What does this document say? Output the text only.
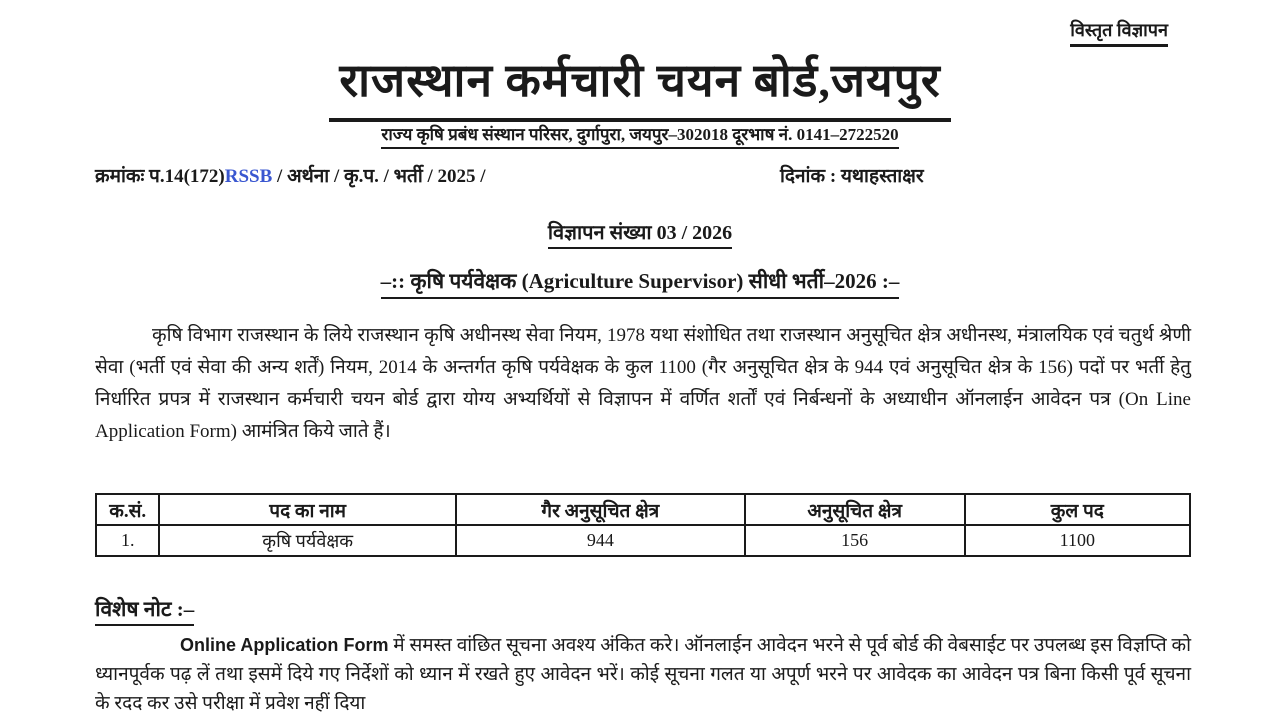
विस्तृत विज्ञापन
राजस्थान कर्मचारी चयन बोर्ड,जयपुर
राज्य कृषि प्रबंध संस्थान परिसर, दुर्गापुरा, जयपुर–302018 दूरभाष नं. 0141–2722520
क्रमांकः प.14(172)RSSB / अर्थना / कृ.प. / भर्ती / 2025 /	दिनांक : यथाहस्ताक्षर
विज्ञापन संख्या 03 / 2026
–:: कृषि पर्यवेक्षक (Agriculture Supervisor) सीधी भर्ती–2026 :–

कृषि विभाग राजस्थान के लिये राजस्थान कृषि अधीनस्थ सेवा नियम, 1978 यथा संशोधित तथा राजस्थान अनुसूचित क्षेत्र अधीनस्थ, मंत्रालयिक एवं चतुर्थ श्रेणी सेवा (भर्ती एवं सेवा की अन्य शर्तें) नियम, 2014 के अन्तर्गत कृषि पर्यवेक्षक के कुल 1100 (गैर अनुसूचित क्षेत्र के 944 एवं अनुसूचित क्षेत्र के 156) पदों पर भर्ती हेतु निर्धारित प्रपत्र में राजस्थान कर्मचारी चयन बोर्ड द्वारा योग्य अभ्यर्थियों से विज्ञापन में वर्णित शर्तों एवं निर्बन्धनों के अध्याधीन ऑनलाईन आवेदन पत्र (On Line Application Form) आमंत्रित किये जाते हैं।

क.सं.	पद का नाम	गैर अनुसूचित क्षेत्र	अनुसूचित क्षेत्र	कुल पद
1.	कृषि पर्यवेक्षक	944	156	1100
विशेष नोट :–

Online Application Form में समस्त वांछित सूचना अवश्य अंकित करे। ऑनलाईन आवेदन भरने से पूर्व बोर्ड की वेबसाईट पर उपलब्ध इस विज्ञप्ति को ध्यानपूर्वक पढ़ लें तथा इसमें दिये गए निर्देशों को ध्यान में रखते हुए आवेदन भरें। कोई सूचना गलत या अपूर्ण भरने पर आवेदक का आवेदन पत्र बिना किसी पूर्व सूचना के रदद कर उसे परीक्षा में प्रवेश नहीं दिया
